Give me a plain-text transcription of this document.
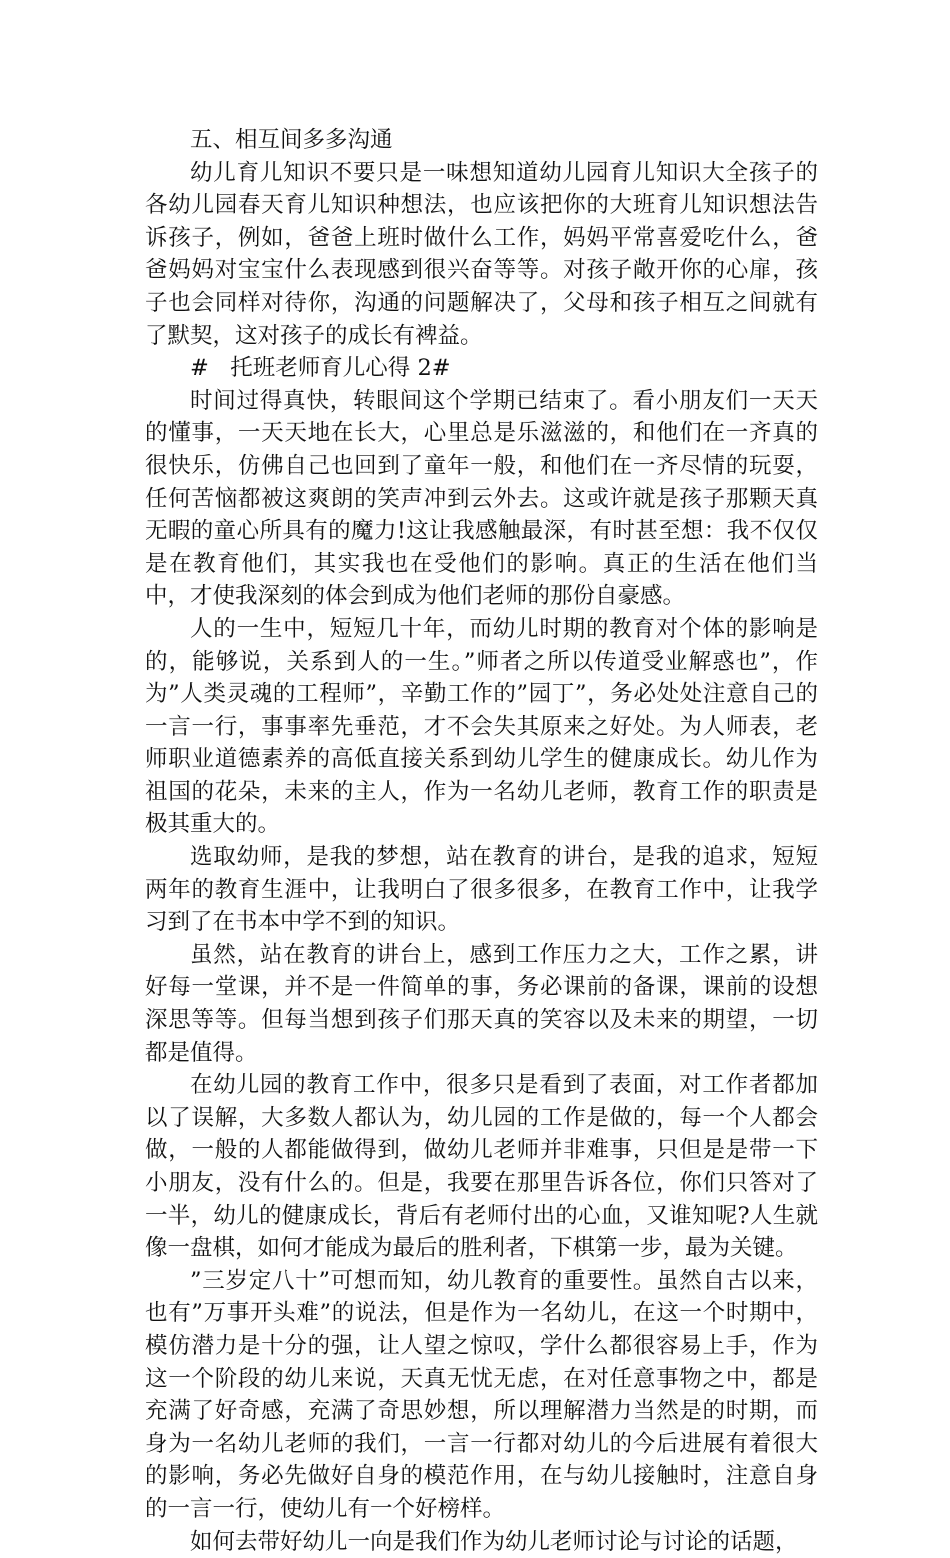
五、相互间多多沟通

幼儿育儿知识不要只是一味想知道幼儿园育儿知识大全孩子的各幼儿园春天育儿知识种想法，也应该把你的大班育儿知识想法告诉孩子，例如，爸爸上班时做什么工作，妈妈平常喜爱吃什么，爸爸妈妈对宝宝什么表现感到很兴奋等等。对孩子敞开你的心扉，孩子也会同样对待你，沟通的问题解决了，父母和孩子相互之间就有了默契，这对孩子的成长有裨益。

#   托班老师育儿心得 2#

时间过得真快，转眼间这个学期已结束了。看小朋友们一天天的懂事，一天天地在长大，心里总是乐滋滋的，和他们在一齐真的很快乐，仿佛自己也回到了童年一般，和他们在一齐尽情的玩耍，任何苦恼都被这爽朗的笑声冲到云外去。这或许就是孩子那颗天真无暇的童心所具有的魔力!这让我感触最深，有时甚至想：我不仅仅是在教育他们，其实我也在受他们的影响。真正的生活在他们当中，才使我深刻的体会到成为他们老师的那份自豪感。

人的一生中，短短几十年，而幼儿时期的教育对个体的影响是的，能够说，关系到人的一生。”师者之所以传道受业解惑也”，作为”人类灵魂的工程师”，辛勤工作的”园丁”，务必处处注意自己的一言一行，事事率先垂范，才不会失其原来之好处。为人师表，老师职业道德素养的高低直接关系到幼儿学生的健康成长。幼儿作为祖国的花朵，未来的主人，作为一名幼儿老师，教育工作的职责是极其重大的。

选取幼师，是我的梦想，站在教育的讲台，是我的追求，短短两年的教育生涯中，让我明白了很多很多，在教育工作中，让我学习到了在书本中学不到的知识。

虽然，站在教育的讲台上，感到工作压力之大，工作之累，讲好每一堂课，并不是一件简单的事，务必课前的备课，课前的设想深思等等。但每当想到孩子们那天真的笑容以及未来的期望，一切都是值得。

在幼儿园的教育工作中，很多只是看到了表面，对工作者都加以了误解，大多数人都认为，幼儿园的工作是做的，每一个人都会做，一般的人都能做得到，做幼儿老师并非难事，只但是是带一下小朋友，没有什么的。但是，我要在那里告诉各位，你们只答对了一半，幼儿的健康成长，背后有老师付出的心血，又谁知呢?人生就像一盘棋，如何才能成为最后的胜利者，下棋第一步，最为关键。

”三岁定八十”可想而知，幼儿教育的重要性。虽然自古以来，也有”万事开头难”的说法，但是作为一名幼儿，在这一个时期中，模仿潜力是十分的强，让人望之惊叹，学什么都很容易上手，作为这一个阶段的幼儿来说，天真无忧无虑，在对任意事物之中，都是充满了好奇感，充满了奇思妙想，所以理解潜力当然是的时期，而身为一名幼儿老师的我们，一言一行都对幼儿的今后进展有着很大的影响，务必先做好自身的模范作用，在与幼儿接触时，注意自身的一言一行，使幼儿有一个好榜样。

如何去带好幼儿一向是我们作为幼儿老师讨论与讨论的话题，
